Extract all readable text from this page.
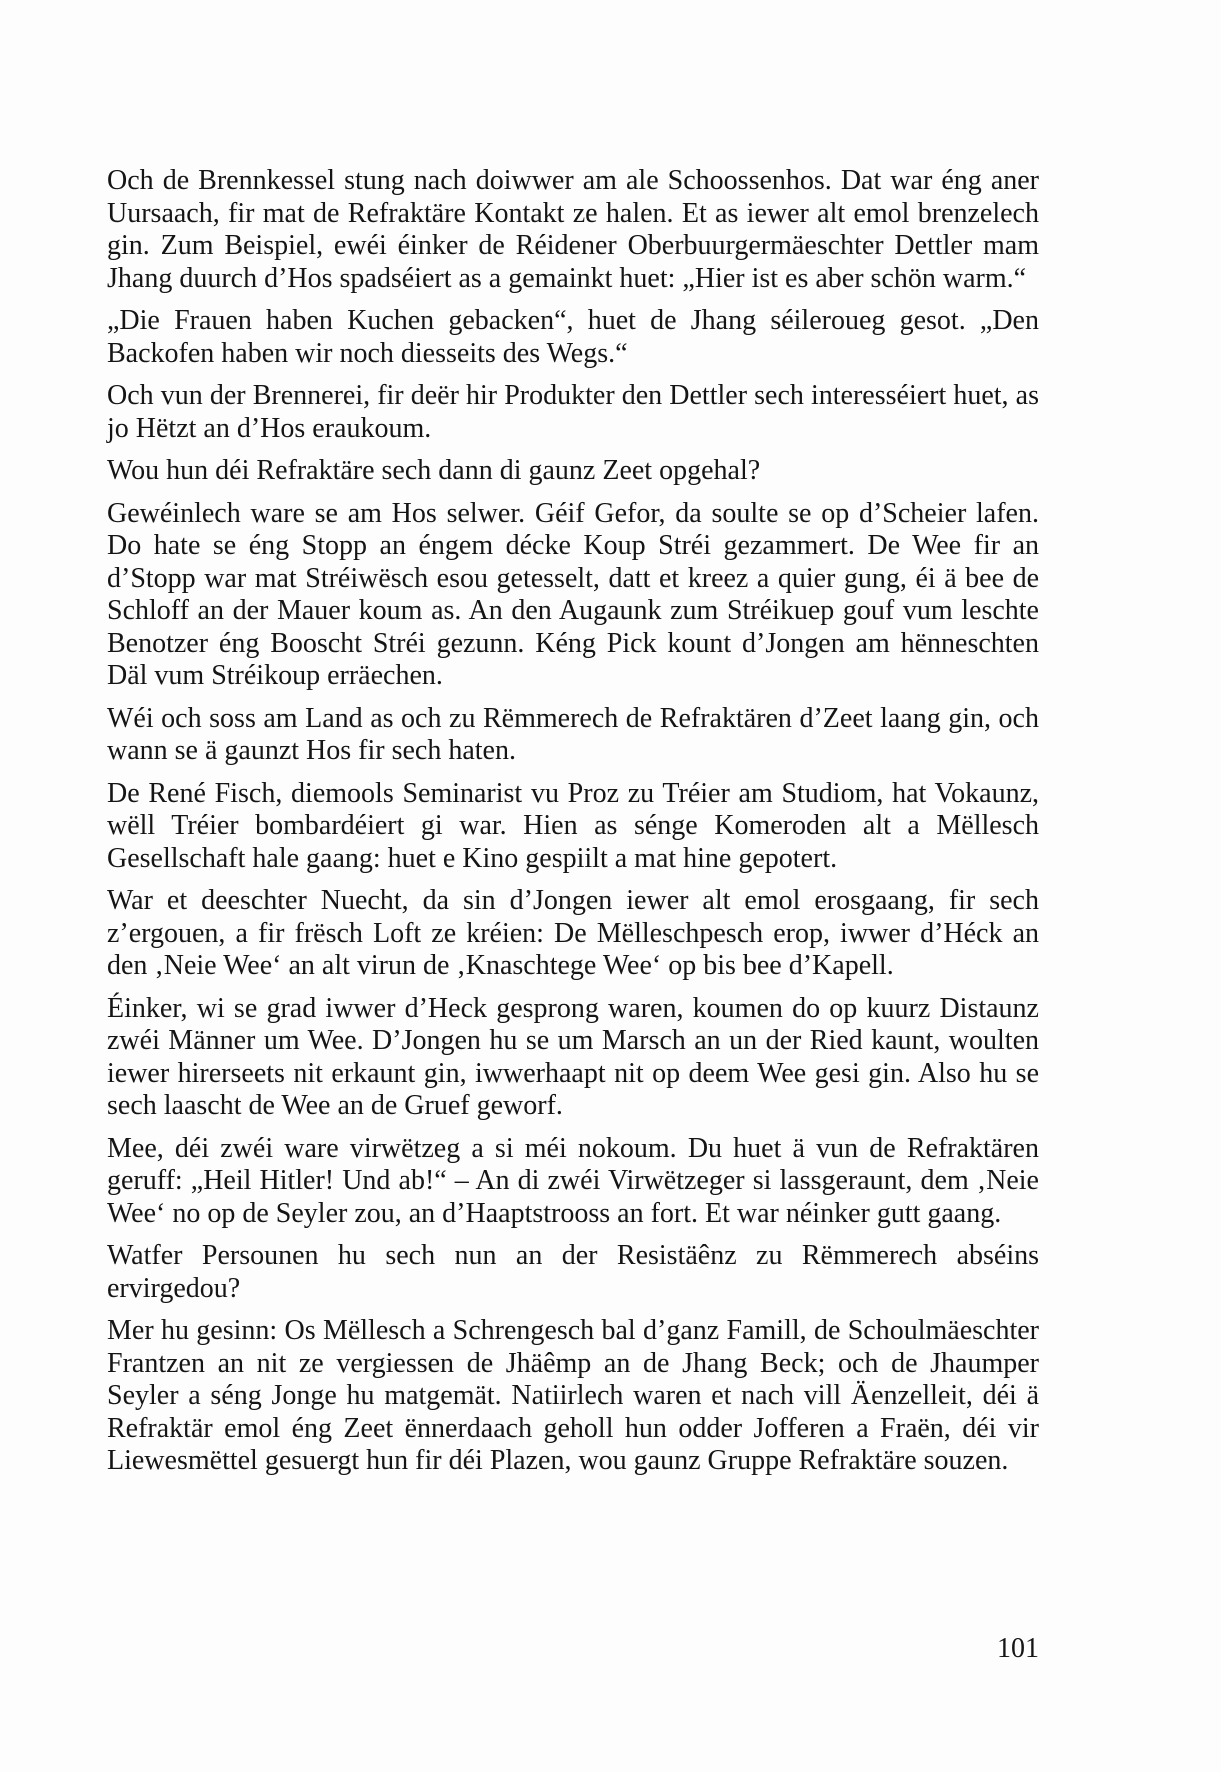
Och de Brennkessel stung nach doiwwer am ale Schoossenhos. Dat war éng aner Uursaach, fir mat de Refraktäre Kontakt ze halen. Et as iewer alt emol brenzelech gin. Zum Beispiel, ewéi éinker de Réidener Oberbuurgermäeschter Dettler mam Jhang duurch d’Hos spadséiert as a gemainkt huet: „Hier ist es aber schön warm.“

„Die Frauen haben Kuchen gebacken“, huet de Jhang séileroueg gesot. „Den Backofen haben wir noch diesseits des Wegs.“

Och vun der Brennerei, fir deër hir Produkter den Dettler sech interesséiert huet, as jo Hëtzt an d’Hos eraukoum.

Wou hun déi Refraktäre sech dann di gaunz Zeet opgehal?

Gewéinlech ware se am Hos selwer. Géif Gefor, da soulte se op d’Scheier lafen. Do hate se éng Stopp an éngem décke Koup Stréi gezammert. De Wee fir an d’Stopp war mat Stréiwësch esou getesselt, datt et kreez a quier gung, éi ä bee de Schloff an der Mauer koum as. An den Augaunk zum Stréikuep gouf vum leschte Benotzer éng Booscht Stréi gezunn. Kéng Pick kount d’Jongen am hënneschten Däl vum Stréikoup erräechen.

Wéi och soss am Land as och zu Rëmmerech de Refraktären d’Zeet laang gin, och wann se ä gaunzt Hos fir sech haten.

De René Fisch, diemools Seminarist vu Proz zu Tréier am Studiom, hat Vokaunz, wëll Tréier bombardéiert gi war. Hien as sénge Komeroden alt a Mëllesch Gesellschaft hale gaang: huet e Kino gespiilt a mat hine gepotert.

War et deeschter Nuecht, da sin d’Jongen iewer alt emol erosgaang, fir sech z’ergouen, a fir frësch Loft ze kréien: De Mëlleschpesch erop, iwwer d’Héck an den ‚Neie Wee‘ an alt virun de ‚Knaschtege Wee‘ op bis bee d’Kapell.

Éinker, wi se grad iwwer d’Heck gesprong waren, koumen do op kuurz Distaunz zwéi Männer um Wee. D’Jongen hu se um Marsch an un der Ried kaunt, woulten iewer hirerseets nit erkaunt gin, iwwerhaapt nit op deem Wee gesi gin. Also hu se sech laascht de Wee an de Gruef geworf.

Mee, déi zwéi ware virwëtzeg a si méi nokoum. Du huet ä vun de Refraktären geruff: „Heil Hitler! Und ab!“ – An di zwéi Virwëtzeger si lassgeraunt, dem ‚Neie Wee‘ no op de Seyler zou, an d’Haaptstrooss an fort. Et war néinker gutt gaang.

Watfer Persounen hu sech nun an der Resistäênz zu Rëmmerech abséins ervirgedou?

Mer hu gesinn: Os Mëllesch a Schrengesch bal d’ganz Famill, de Schoulmäeschter Frantzen an nit ze vergiessen de Jhäêmp an de Jhang Beck; och de Jhaumper Seyler a séng Jonge hu matgemät. Natiirlech waren et nach vill Äenzelleit, déi ä Refraktär emol éng Zeet ënnerdaach geholl hun odder Jofferen a Fraën, déi vir Liewesmëttel gesuergt hun fir déi Plazen, wou gaunz Gruppe Refraktäre souzen.

101
